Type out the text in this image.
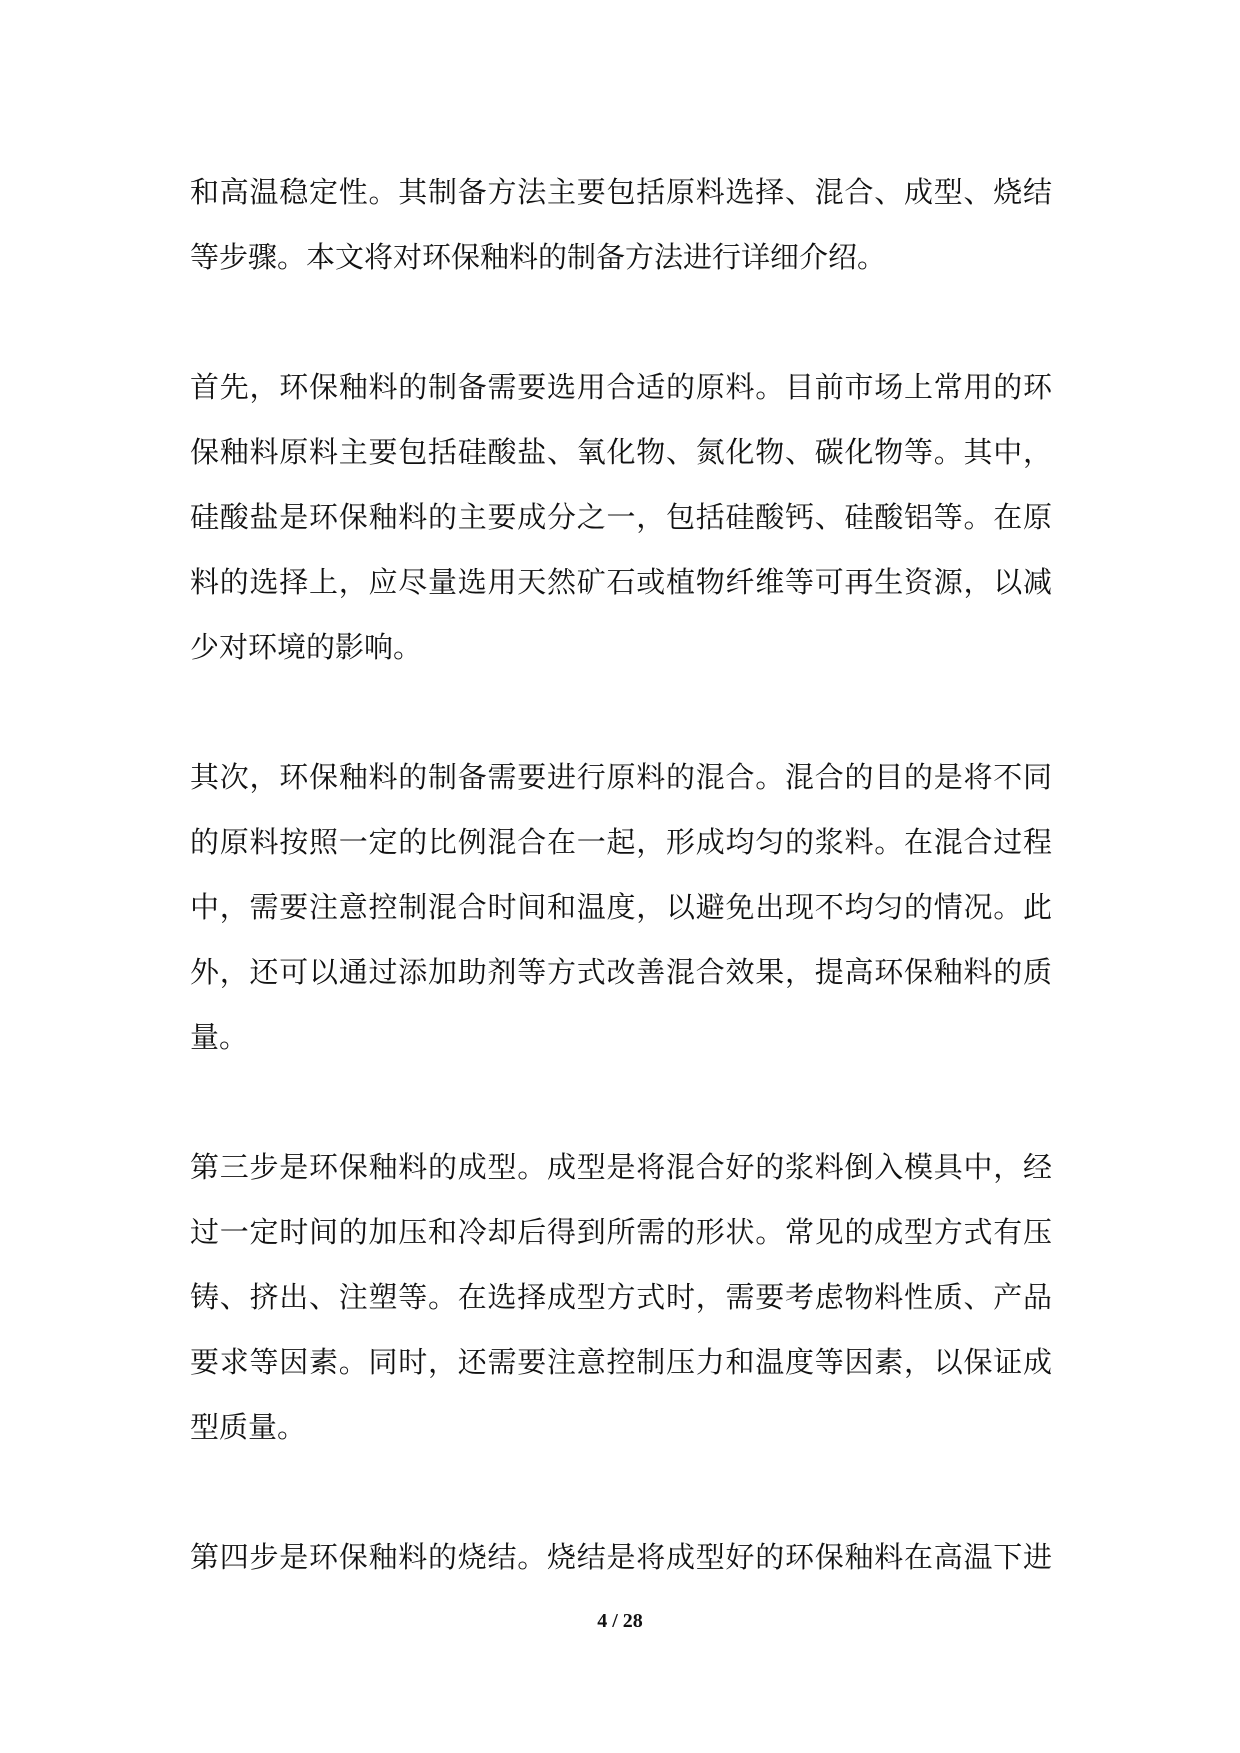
和高温稳定性。其制备方法主要包括原料选择、混合、成型、烧结
等步骤。本文将对环保釉料的制备方法进行详细介绍。
首先，环保釉料的制备需要选用合适的原料。目前市场上常用的环
保釉料原料主要包括硅酸盐、氧化物、氮化物、碳化物等。其中，
硅酸盐是环保釉料的主要成分之一，包括硅酸钙、硅酸铝等。在原
料的选择上，应尽量选用天然矿石或植物纤维等可再生资源，以减
少对环境的影响。
其次，环保釉料的制备需要进行原料的混合。混合的目的是将不同
的原料按照一定的比例混合在一起，形成均匀的浆料。在混合过程
中，需要注意控制混合时间和温度，以避免出现不均匀的情况。此
外，还可以通过添加助剂等方式改善混合效果，提高环保釉料的质
量。
第三步是环保釉料的成型。成型是将混合好的浆料倒入模具中，经
过一定时间的加压和冷却后得到所需的形状。常见的成型方式有压
铸、挤出、注塑等。在选择成型方式时，需要考虑物料性质、产品
要求等因素。同时，还需要注意控制压力和温度等因素，以保证成
型质量。
第四步是环保釉料的烧结。烧结是将成型好的环保釉料在高温下进
4 / 28
